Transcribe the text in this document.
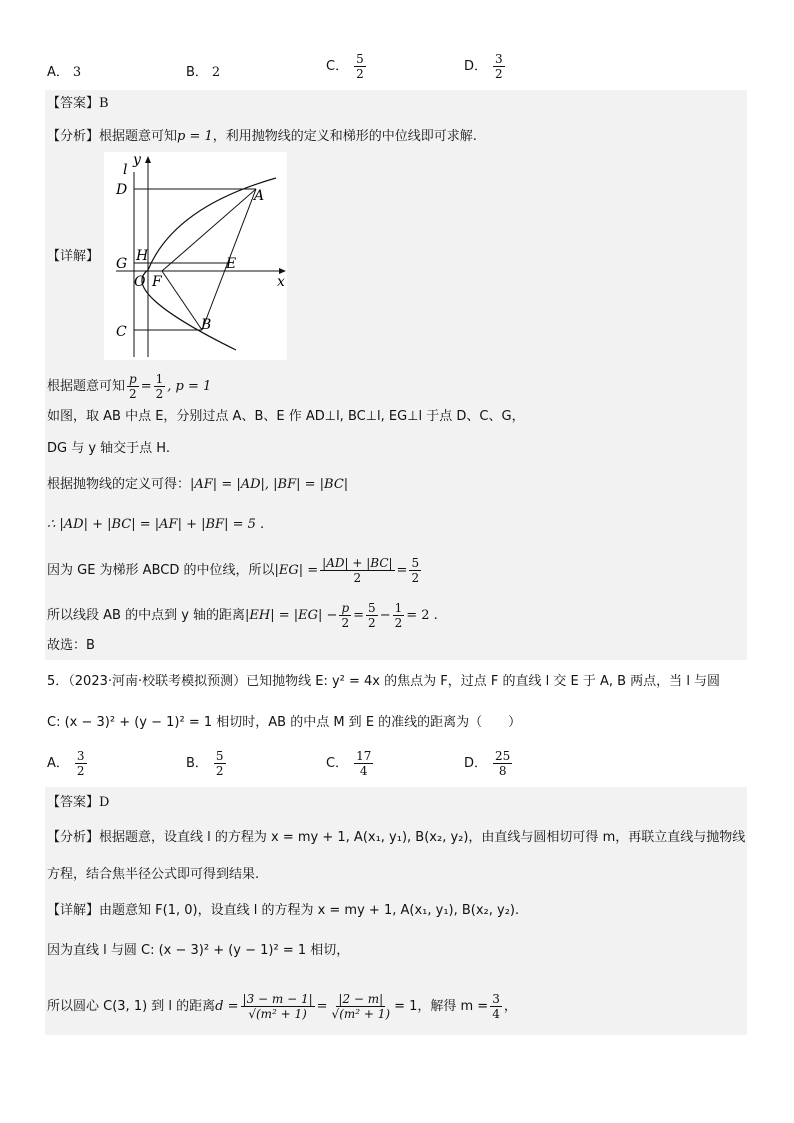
A． 3	B． 2	C． $\frac{5}{2}$	D． $\frac{3}{2}$
【答案】B
【分析】根据题意可知p = 1，利用抛物线的定义和梯形的中位线即可求解.
【详解】
y
l
D	A
G H	E
O F	x
C	B
根据题意可知 $\frac{p}{2} = \frac{1}{2}$ , p = 1
如图，取 AB 中点 E，分别过点 A、B、E 作 AD⊥l, BC⊥l, EG⊥l 于点 D、C、G，
DG 与 y 轴交于点 H.
根据抛物线的定义可得：|AF| = |AD|, |BF| = |BC|
∴ |AD| + |BC| = |AF| + |BF| = 5 .
因为 GE 为梯形 ABCD 的中位线，所以$|EG| = \frac{|AD| + |BC|}{2} = \frac{5}{2}$
所以线段 AB 的中点到 y 轴的距离$|EH| = |EG| - \frac{p}{2} = \frac{5}{2} - \frac{1}{2} = 2$ .
故选：B
5．（2023·河南·校联考模拟预测）已知抛物线 E: y² = 4x 的焦点为 F，过点 F 的直线 l 交 E 于 A, B 两点，当 l 与圆
C: (x − 3)² + (y − 1)² = 1 相切时，AB 的中点 M 到 E 的准线的距离为（　　）
A． $\frac{3}{2}$	B． $\frac{5}{2}$	C． $\frac{17}{4}$	D． $\frac{25}{8}$
【答案】D
【分析】根据题意，设直线 l 的方程为 x = my + 1, A(x₁, y₁), B(x₂, y₂)，由直线与圆相切可得 m，再联立直线与抛物线
方程，结合焦半径公式即可得到结果.
【详解】由题意知 F(1, 0)，设直线 l 的方程为 x = my + 1, A(x₁, y₁), B(x₂, y₂).
因为直线 l 与圆 C: (x − 3)² + (y − 1)² = 1 相切，
所以圆心 C(3, 1) 到 l 的距离$d = \frac{|3 - m - 1|}{\text{√(m² + 1)}} = \frac{|2 - m|}{\text{√(m² + 1)}} = 1$，解得 $m = \frac{3}{4}$ ，
